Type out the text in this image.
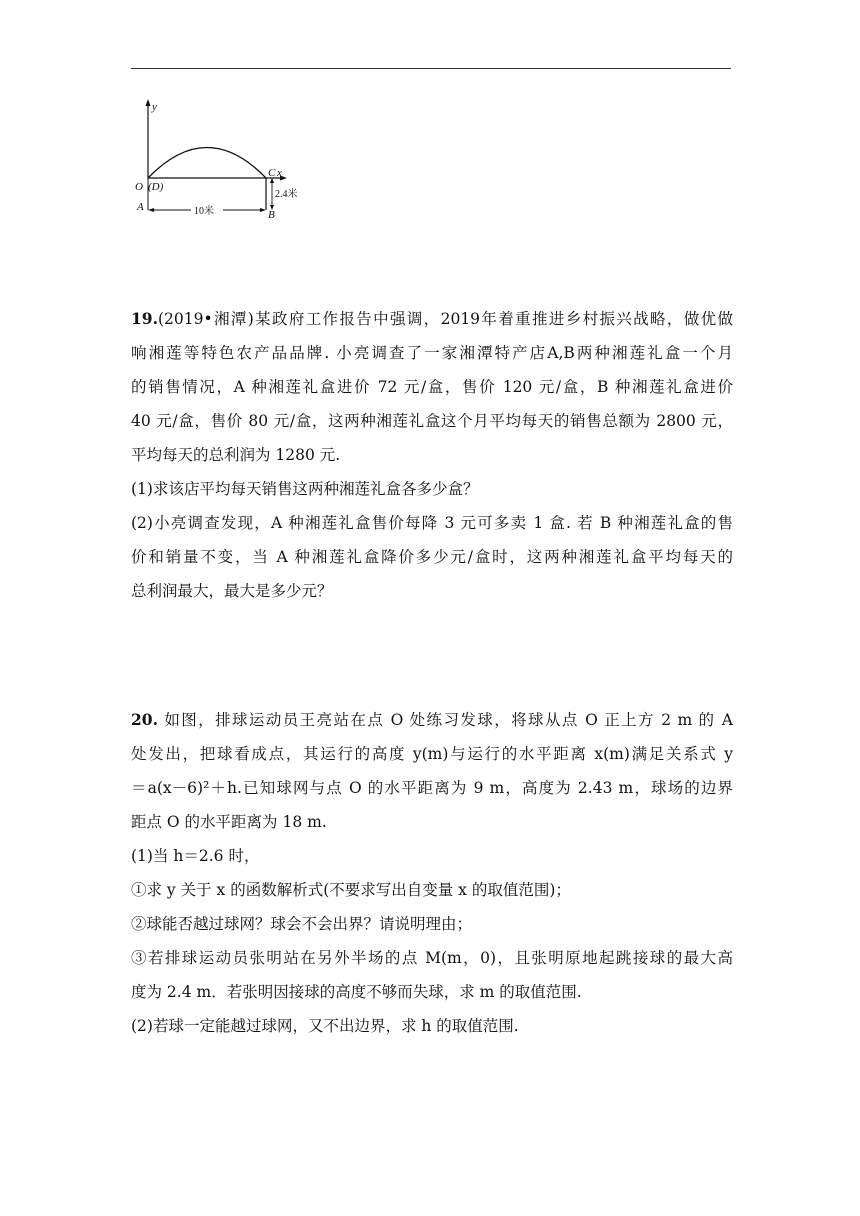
y
x
O (D)
C
A
B
2.4米
10米
19.(2019•湘潭)某政府工作报告中强调，2019年着重推进乡村振兴战略，做优做
响湘莲等特色农产品品牌. 小亮调查了一家湘潭特产店A,B两种湘莲礼盒一个月
的销售情况，A 种湘莲礼盒进价 72 元/盒，售价 120 元/盒，B 种湘莲礼盒进价
40 元/盒，售价 80 元/盒，这两种湘莲礼盒这个月平均每天的销售总额为 2800 元，
平均每天的总利润为 1280 元.
(1)求该店平均每天销售这两种湘莲礼盒各多少盒？
(2)小亮调查发现，A 种湘莲礼盒售价每降 3 元可多卖 1 盒. 若 B 种湘莲礼盒的售
价和销量不变，当 A 种湘莲礼盒降价多少元/盒时，这两种湘莲礼盒平均每天的
总利润最大，最大是多少元？
20. 如图，排球运动员王亮站在点 O 处练习发球，将球从点 O 正上方 2 m 的 A
处发出，把球看成点，其运行的高度 y(m)与运行的水平距离 x(m)满足关系式 y
＝a(x－6)²＋h.已知球网与点 O 的水平距离为 9 m，高度为 2.43 m，球场的边界
距点 O 的水平距离为 18 m.
(1)当 h＝2.6 时，
①求 y 关于 x 的函数解析式(不要求写出自变量 x 的取值范围)；
②球能否越过球网？球会不会出界？请说明理由；
③若排球运动员张明站在另外半场的点 M(m，0)，且张明原地起跳接球的最大高
度为 2.4 m．若张明因接球的高度不够而失球，求 m 的取值范围.
(2)若球一定能越过球网，又不出边界，求 h 的取值范围.
